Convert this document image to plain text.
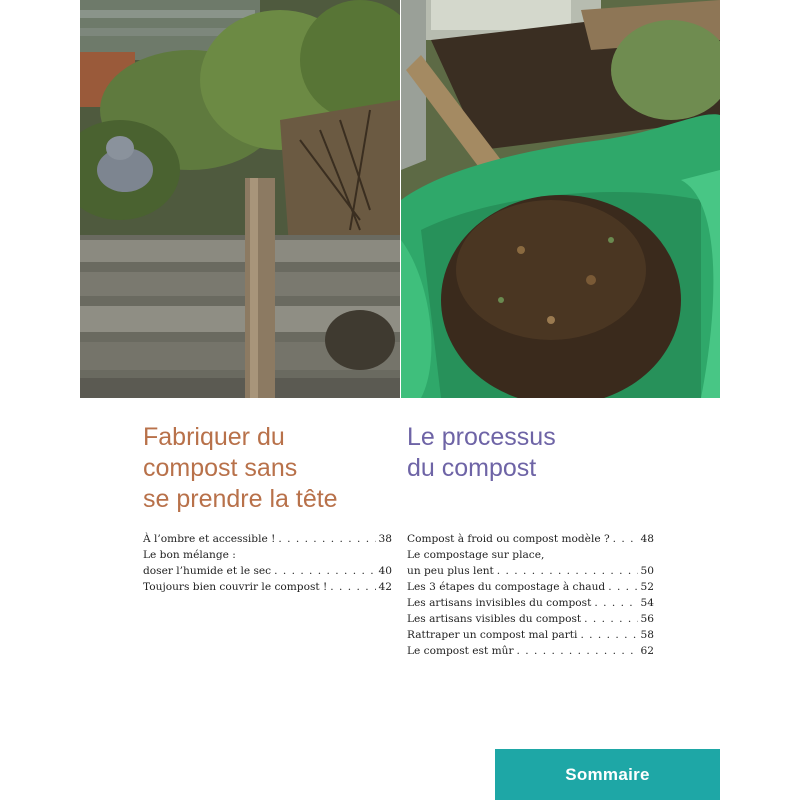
Fabriquer du
compost sans
se prendre la tête
À l’ombre et accessible ! . . .	38
Le bon mélange :
doser l’humide et le sec . . .	40
Toujours bien couvrir le compost ! . . .	42
Le processus
du compost
Compost à froid ou compost modèle ? . . .	48
Le compostage sur place,
un peu plus lent . . .	50
Les 3 étapes du compostage à chaud . . .	52
Les artisans invisibles du compost . . .	54
Les artisans visibles du compost . . .	56
Rattraper un compost mal parti . . .	58
Le compost est mûr . . .	62
Sommaire
